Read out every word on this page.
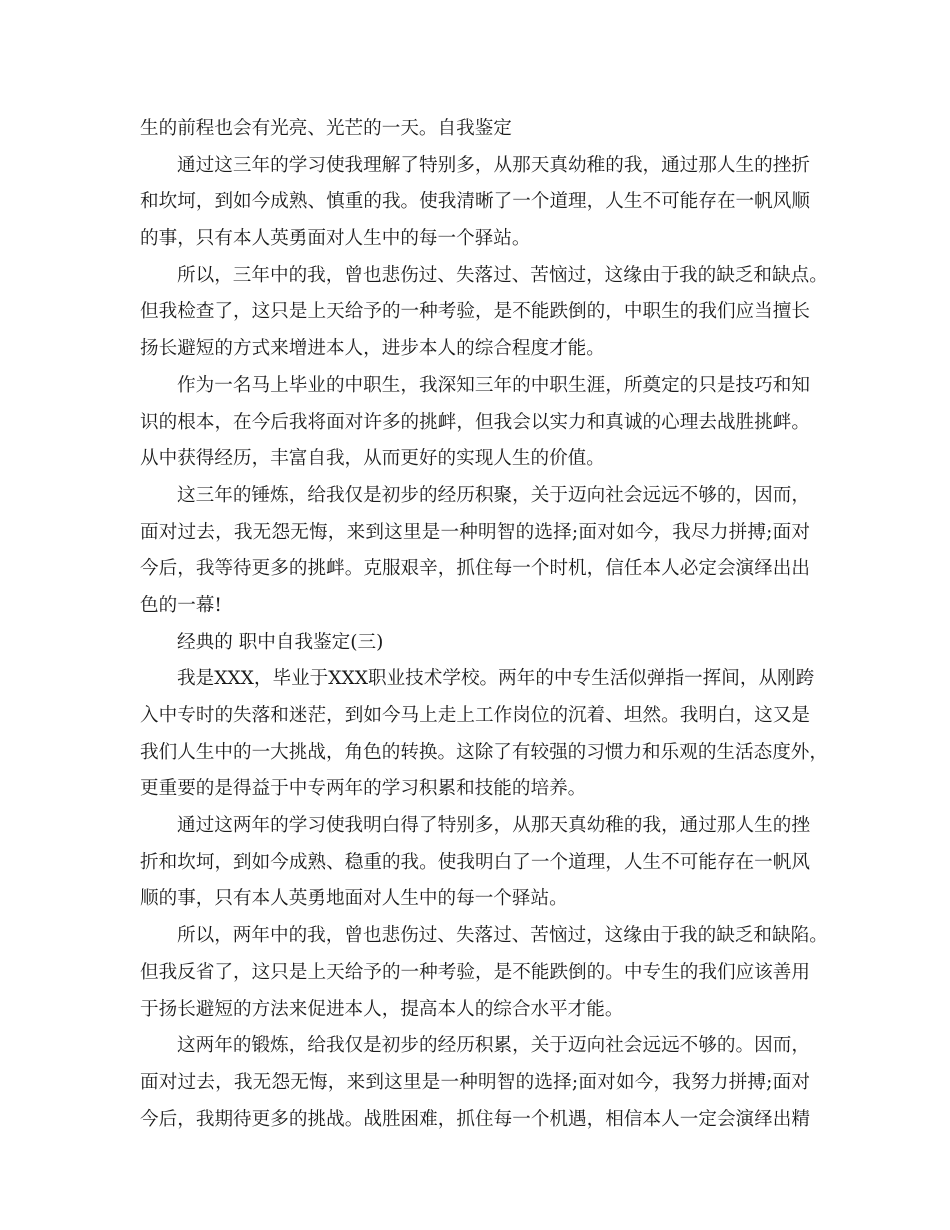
生的前程也会有光亮、光芒的一天。自我鉴定
通过这三年的学习使我理解了特别多，从那天真幼稚的我，通过那人生的挫折
和坎坷，到如今成熟、慎重的我。使我清晰了一个道理，人生不可能存在一帆风顺
的事，只有本人英勇面对人生中的每一个驿站。
所以，三年中的我，曾也悲伤过、失落过、苦恼过，这缘由于我的缺乏和缺点。
但我检查了，这只是上天给予的一种考验，是不能跌倒的，中职生的我们应当擅长
扬长避短的方式来增进本人，进步本人的综合程度才能。
作为一名马上毕业的中职生，我深知三年的中职生涯，所奠定的只是技巧和知
识的根本，在今后我将面对许多的挑衅，但我会以实力和真诚的心理去战胜挑衅。
从中获得经历，丰富自我，从而更好的实现人生的价值。
这三年的锤炼，给我仅是初步的经历积聚，关于迈向社会远远不够的，因而，
面对过去，我无怨无悔，来到这里是一种明智的选择;面对如今，我尽力拼搏;面对
今后，我等待更多的挑衅。克服艰辛，抓住每一个时机，信任本人必定会演绎出出
色的一幕!
经典的 职中自我鉴定(三)
我是XXX，毕业于XXX职业技术学校。两年的中专生活似弹指一挥间，从刚跨
入中专时的失落和迷茫，到如今马上走上工作岗位的沉着、坦然。我明白，这又是
我们人生中的一大挑战，角色的转换。这除了有较强的习惯力和乐观的生活态度外，
更重要的是得益于中专两年的学习积累和技能的培养。
通过这两年的学习使我明白得了特别多，从那天真幼稚的我，通过那人生的挫
折和坎坷，到如今成熟、稳重的我。使我明白了一个道理，人生不可能存在一帆风
顺的事，只有本人英勇地面对人生中的每一个驿站。
所以，两年中的我，曾也悲伤过、失落过、苦恼过，这缘由于我的缺乏和缺陷。
但我反省了，这只是上天给予的一种考验，是不能跌倒的。中专生的我们应该善用
于扬长避短的方法来促进本人，提高本人的综合水平才能。
这两年的锻炼，给我仅是初步的经历积累，关于迈向社会远远不够的。因而，
面对过去，我无怨无悔，来到这里是一种明智的选择;面对如今，我努力拼搏;面对
今后，我期待更多的挑战。战胜困难，抓住每一个机遇，相信本人一定会演绎出精
